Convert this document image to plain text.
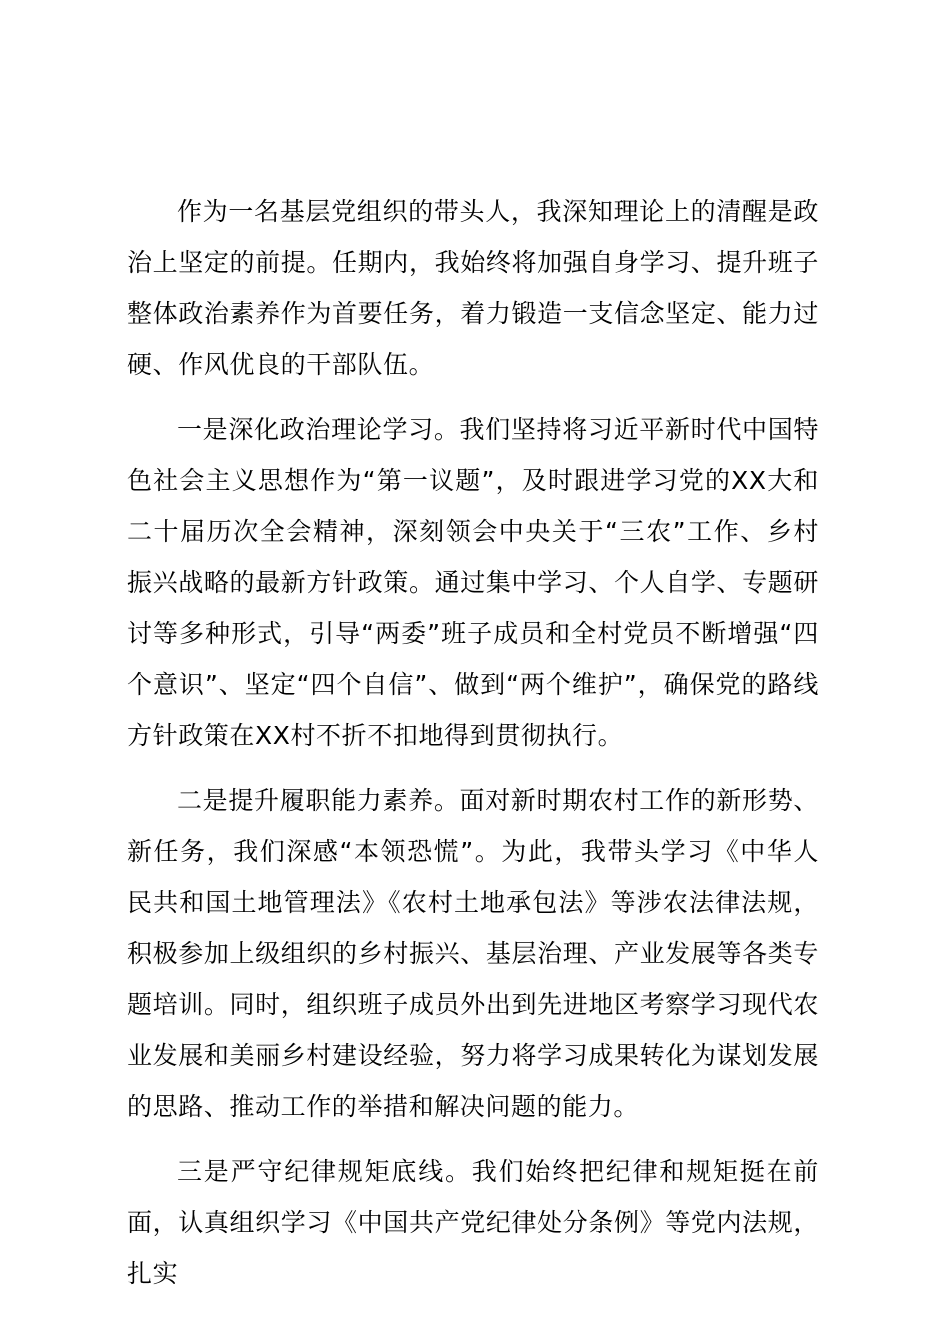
作为一名基层党组织的带头人，我深知理论上的清醒是政治上坚定的前提。任期内，我始终将加强自身学习、提升班子整体政治素养作为首要任务，着力锻造一支信念坚定、能力过硬、作风优良的干部队伍。

一是深化政治理论学习。我们坚持将习近平新时代中国特色社会主义思想作为“第一议题”，及时跟进学习党的XX大和二十届历次全会精神，深刻领会中央关于“三农”工作、乡村振兴战略的最新方针政策。通过集中学习、个人自学、专题研讨等多种形式，引导“两委”班子成员和全村党员不断增强“四个意识”、坚定“四个自信”、做到“两个维护”，确保党的路线方针政策在XX村不折不扣地得到贯彻执行。

二是提升履职能力素养。面对新时期农村工作的新形势、新任务，我们深感“本领恐慌”。为此，我带头学习《中华人民共和国土地管理法》《农村土地承包法》等涉农法律法规，积极参加上级组织的乡村振兴、基层治理、产业发展等各类专题培训。同时，组织班子成员外出到先进地区考察学习现代农业发展和美丽乡村建设经验，努力将学习成果转化为谋划发展的思路、推动工作的举措和解决问题的能力。

三是严守纪律规矩底线。我们始终把纪律和规矩挺在前面，认真组织学习《中国共产党纪律处分条例》等党内法规，扎实
